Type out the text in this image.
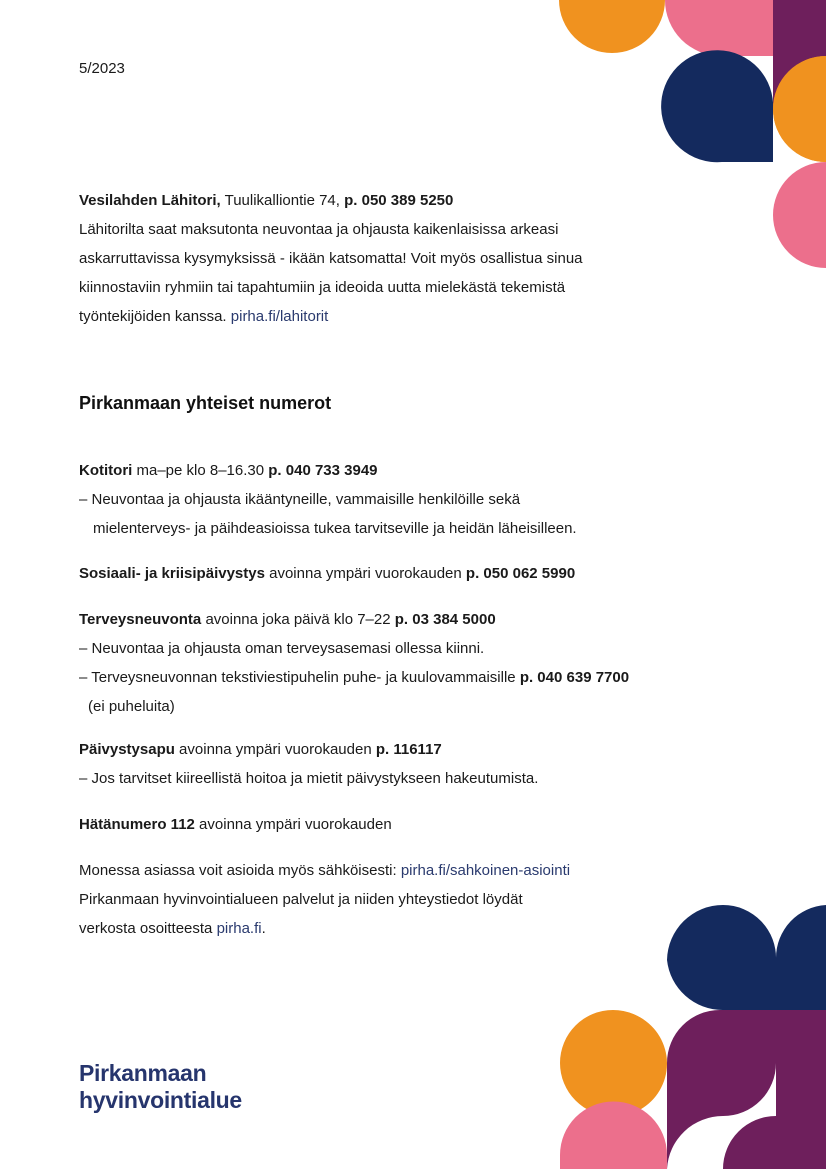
5/2023
Vesilahden Lähitori, Tuulikalliontie 74, p. 050 389 5250
Lähitorilta saat maksutonta neuvontaa ja ohjausta kaikenlaisissa arkeasi
askarruttavissa kysymyksissä - ikään katsomatta! Voit myös osallistua sinua
kiinnostaviin ryhmiin tai tapahtumiin ja ideoida uutta mielekästä tekemistä
työntekijöiden kanssa. pirha.fi/lahitorit
Pirkanmaan yhteiset numerot
Kotitori ma–pe klo 8–16.30 p. 040 733 3949
– Neuvontaa ja ohjausta ikääntyneille, vammaisille henkilöille sekä
mielenterveys- ja päihdeasioissa tukea tarvitseville ja heidän läheisilleen.
Sosiaali- ja kriisipäivystys avoinna ympäri vuorokauden p. 050 062 5990
Terveysneuvonta avoinna joka päivä klo 7–22 p. 03 384 5000
– Neuvontaa ja ohjausta oman terveysasemasi ollessa kiinni.
– Terveysneuvonnan tekstiviestipuhelin puhe- ja kuulovammaisille p. 040 639 7700
(ei puheluita)
Päivystysapu avoinna ympäri vuorokauden p. 116117
– Jos tarvitset kiireellistä hoitoa ja mietit päivystykseen hakeutumista.
Hätänumero 112 avoinna ympäri vuorokauden
Monessa asiassa voit asioida myös sähköisesti: pirha.fi/sahkoinen-asiointi
Pirkanmaan hyvinvointialueen palvelut ja niiden yhteystiedot löydät
verkosta osoitteesta pirha.fi.
Pirkanmaan
hyvinvointialue
